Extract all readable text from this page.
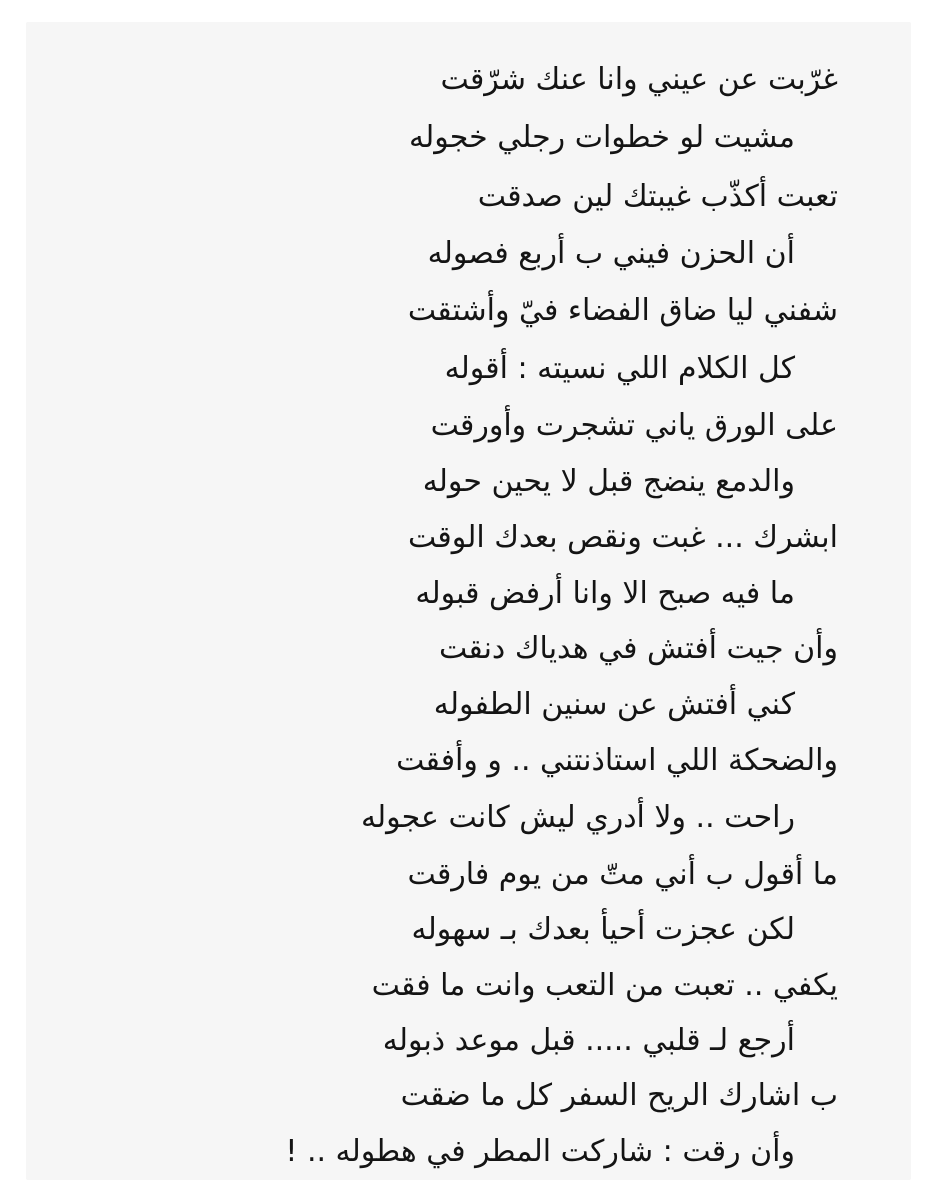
غرّبت عن عيني وانا عنك شرّقت

مشيت لو خطوات رجلي خجوله

تعبت أكذّب غيبتك لين صدقت

أن الحزن فيني ب أربع فصوله

شفني ليا ضاق الفضاء فيّ وأشتقت

كل الكلام اللي نسيته : أقوله

على الورق ياني تشجرت وأورقت

والدمع ينضج قبل لا يحين حوله

ابشرك ... غبت ونقص بعدك الوقت

ما فيه صبح الا وانا أرفض قبوله

وأن جيت أفتش في هدياك دنقت

كني أفتش عن سنين الطفوله

والضحكة اللي استاذنتني .. و وأفقت

راحت .. ولا أدري ليش كانت عجوله

ما أقول ب أني متّ من يوم فارقت

لكن عجزت أحيأ بعدك بـ سهوله

يكفي .. تعبت من التعب وانت ما فقت

أرجع لـ قلبي ..... قبل موعد ذبوله

ب اشارك الريح السفر كل ما ضقت

وأن رقت : شاركت المطر في هطوله .. !
